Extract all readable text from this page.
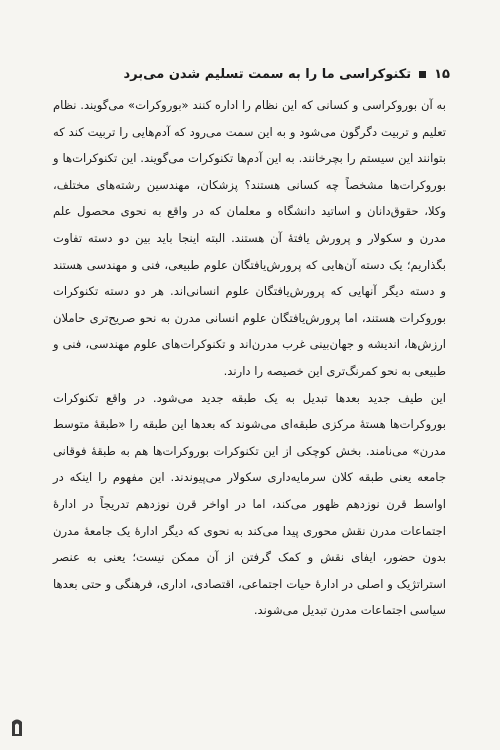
۱۵
تکنوکراسی ما را به سمت تسلیم شدن می‌برد

به آن بوروکراسی و کسانی که این نظام را اداره کنند «بوروکرات» می‌گویند. نظام تعلیم و تربیت دگرگون می‌شود و به این سمت می‌رود که آدم‌هایی را تربیت کند که بتوانند این سیستم را بچرخانند. به این آدم‌ها تکنوکرات می‌گویند. این تکنوکرات‌ها و بوروکرات‌ها مشخصاً چه کسانی هستند؟ پزشکان، مهندسین رشته‌های مختلف، وکلا، حقوق‌دانان و اساتید دانشگاه و معلمان که در واقع به نحوی محصول علم مدرن و سکولار و پرورش یافتهٔ آن هستند. البته اینجا باید بین دو دسته تفاوت بگذاریم؛ یک دسته آن‌هایی که پرورش‌یافتگان علوم طبیعی، فنی و مهندسی هستند و دسته دیگر آنهایی که پرورش‌یافتگان علوم انسانی‌اند. هر دو دسته تکنوکرات بوروکرات هستند، اما پرورش‌یافتگان علوم انسانی مدرن به نحو صریح‌تری حاملان ارزش‌ها، اندیشه و جهان‌بینی غرب مدرن‌اند و تکنوکرات‌های علوم مهندسی، فنی و طبیعی به نحو کمرنگ‌تری این خصیصه را دارند.

این طیف جدید بعدها تبدیل به یک طبقه جدید می‌شود. در واقع تکنوکرات بوروکرات‌ها هستهٔ مرکزی طبقه‌ای می‌شوند که بعدها این طبقه را «طبقهٔ متوسط مدرن» می‌نامند. بخش کوچکی از این تکنوکرات بوروکرات‌ها هم به طبقهٔ فوقانی جامعه یعنی طبقه کلان سرمایه‌داری سکولار می‌پیوندند. این مفهوم را اینکه در اواسط قرن نوزدهم ظهور می‌کند، اما در اواخر قرن نوزدهم تدریجاً در ادارهٔ اجتماعات مدرن نقش محوری پیدا می‌کند به نحوی که دیگر ادارهٔ یک جامعهٔ مدرن بدون حضور، ایفای نقش و کمک گرفتن از آن ممکن نیست؛ یعنی به عنصر استراتژیک و اصلی در ادارهٔ حیات اجتماعی، اقتصادی، اداری، فرهنگی و حتی بعدها سیاسی اجتماعات مدرن تبدیل می‌شوند.
